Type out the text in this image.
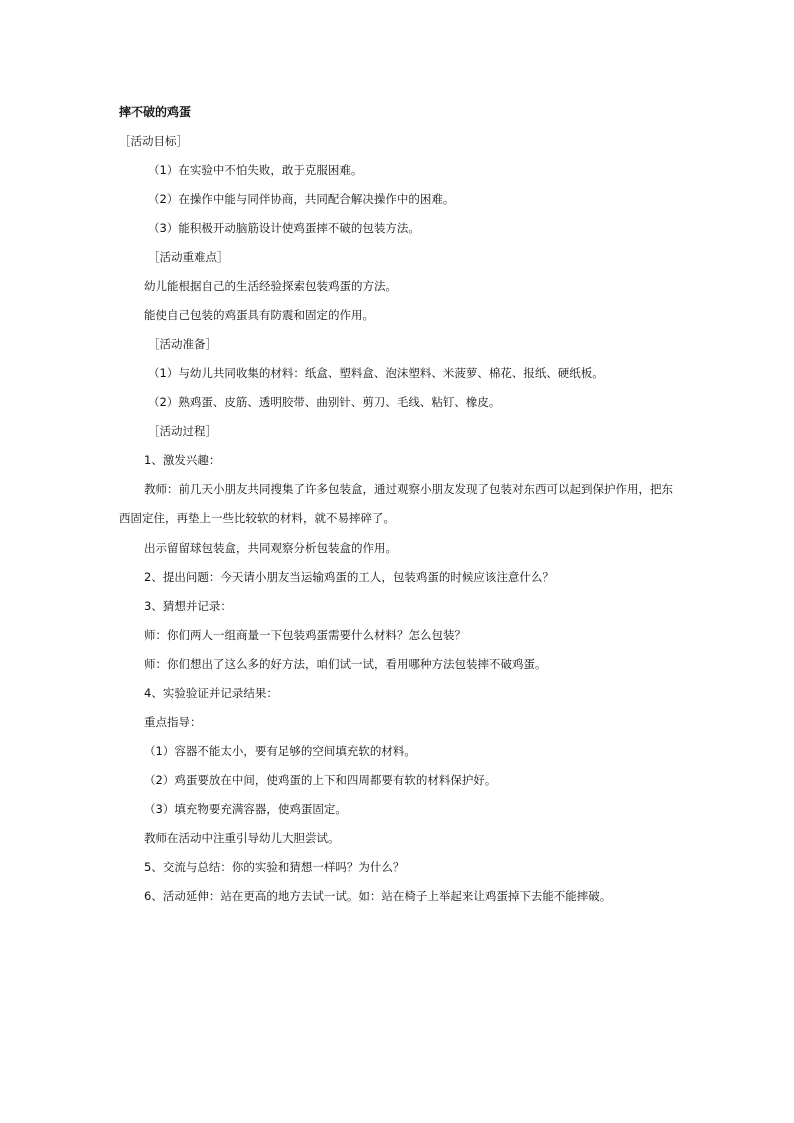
摔不破的鸡蛋
［活动目标］
（1）在实验中不怕失败，敢于克服困难。
（2）在操作中能与同伴协商，共同配合解决操作中的困难。
（3）能积极开动脑筋设计使鸡蛋摔不破的包装方法。
［活动重难点］
幼儿能根据自己的生活经验探索包装鸡蛋的方法。
能使自己包装的鸡蛋具有防震和固定的作用。
［活动准备］
（1）与幼儿共同收集的材料：纸盒、塑料盒、泡沫塑料、米菠萝、棉花、报纸、硬纸板。
（2）熟鸡蛋、皮筋、透明胶带、曲别针、剪刀、毛线、粘钉、橡皮。
［活动过程］
1、激发兴趣：
教师：前几天小朋友共同搜集了许多包装盒，通过观察小朋友发现了包装对东西可以起到保护作用，把东西固定住，再垫上一些比较软的材料，就不易摔碎了。
出示留留球包装盒，共同观察分析包装盒的作用。
2、提出问题：今天请小朋友当运输鸡蛋的工人，包装鸡蛋的时候应该注意什么？
3、猜想并记录：
师：你们两人一组商量一下包装鸡蛋需要什么材料？怎么包装？
师：你们想出了这么多的好方法，咱们试一试，看用哪种方法包装摔不破鸡蛋。
4、实验验证并记录结果：
重点指导：
（1）容器不能太小，要有足够的空间填充软的材料。
（2）鸡蛋要放在中间，使鸡蛋的上下和四周都要有软的材料保护好。
（3）填充物要充满容器，使鸡蛋固定。
教师在活动中注重引导幼儿大胆尝试。
5、交流与总结：你的实验和猜想一样吗？为什么？
6、活动延伸：站在更高的地方去试一试。如：站在椅子上举起来让鸡蛋掉下去能不能摔破。
